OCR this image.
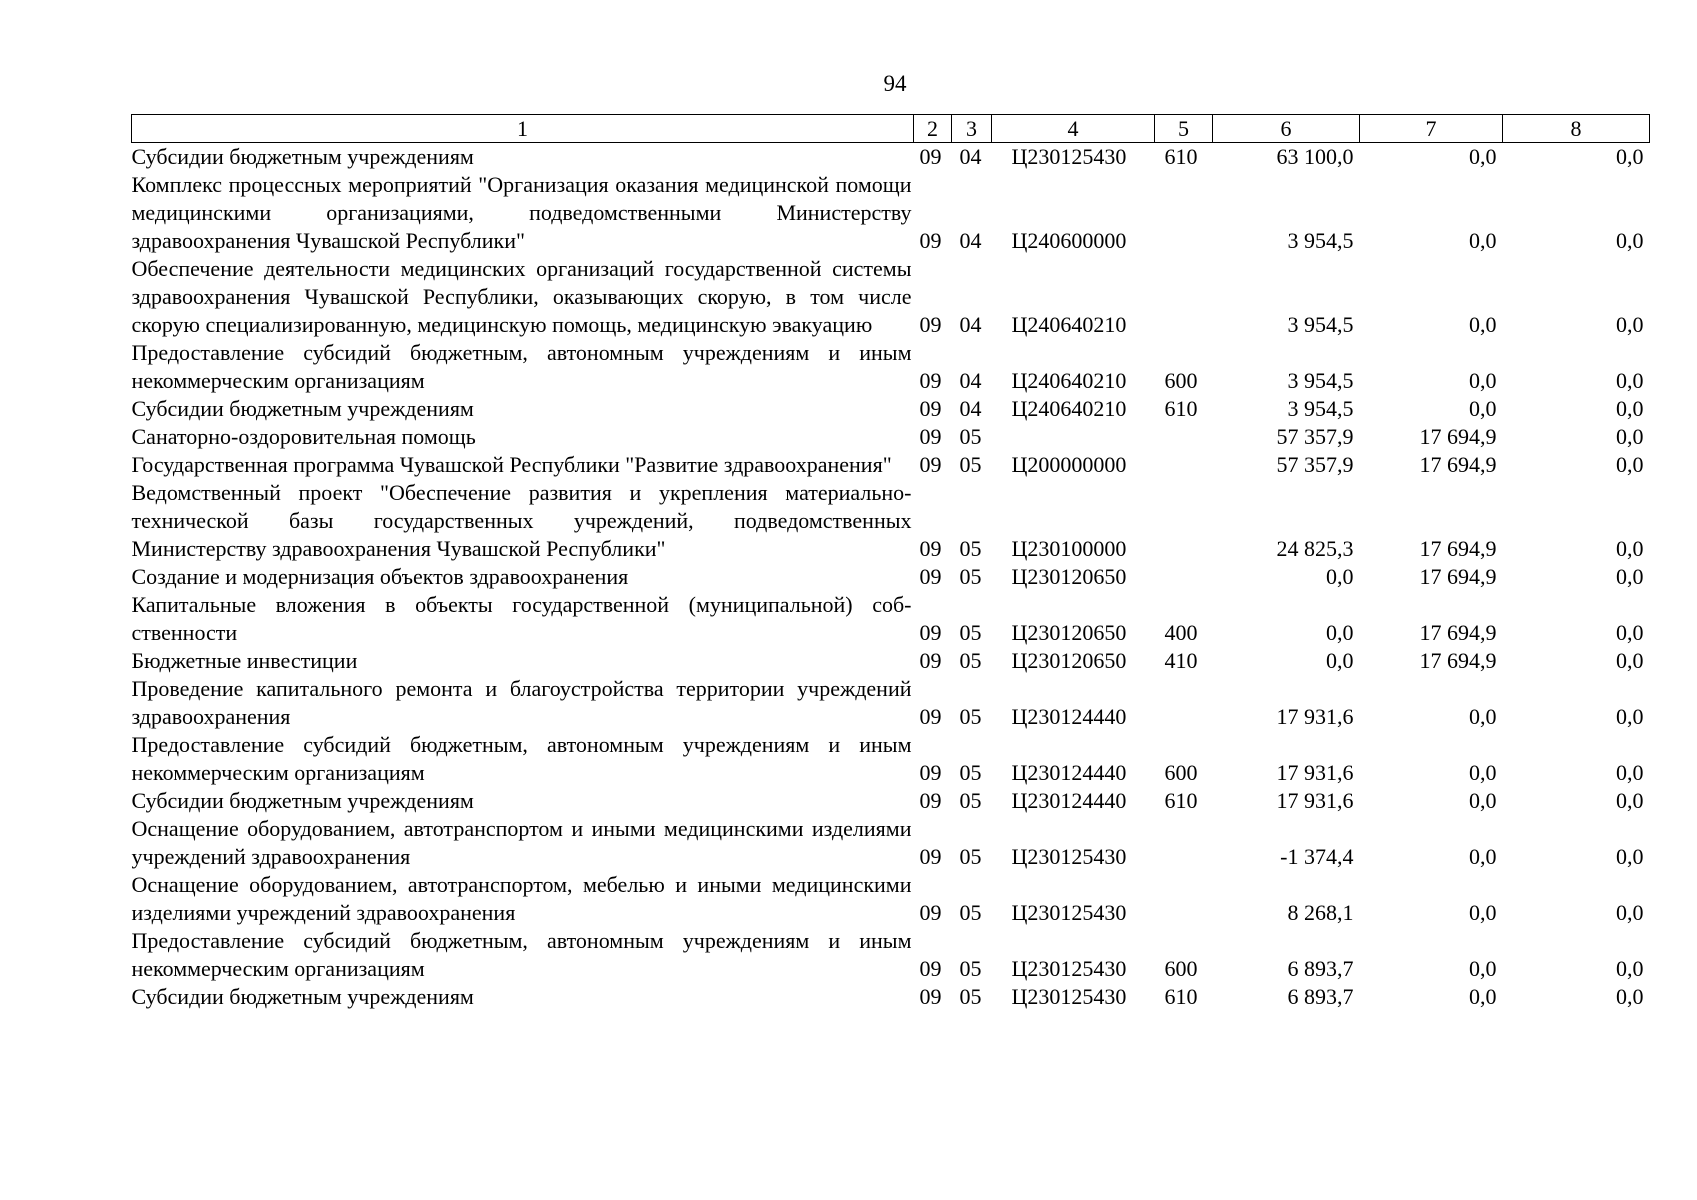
94
1	2	3	4	5	6	7	8
Субсидии бюджетным учреждениям	09	04	Ц230125430	610	63 100,0	0,0	0,0
Комплекс процессных мероприятий "Организация оказания медицинской помощи медицинскими организациями, подведомственными Министерству здравоохранения Чувашской Республики"	09	04	Ц240600000		3 954,5	0,0	0,0
Обеспечение деятельности медицинских организаций государственной системы здравоохранения Чувашской Республики, оказывающих скорую, в том числе скорую специализированную, медицинскую помощь, медицинскую эвакуацию	09	04	Ц240640210		3 954,5	0,0	0,0
Предоставление субсидий бюджетным, автономным учреждениям и иным некоммерческим организациям	09	04	Ц240640210	600	3 954,5	0,0	0,0
Субсидии бюджетным учреждениям	09	04	Ц240640210	610	3 954,5	0,0	0,0
Санаторно-оздоровительная помощь	09	05			57 357,9	17 694,9	0,0
Государственная программа Чувашской Республики "Развитие здравоохранения"	09	05	Ц200000000		57 357,9	17 694,9	0,0
Ведомственный проект "Обеспечение развития и укрепления материально-технической базы государственных учреждений, подведомственных Министерству здравоохранения Чувашской Республики"	09	05	Ц230100000		24 825,3	17 694,9	0,0
Создание и модернизация объектов здравоохранения	09	05	Ц230120650		0,0	17 694,9	0,0
Капитальные вложения в объекты государственной (муниципальной) собственности	09	05	Ц230120650	400	0,0	17 694,9	0,0
Бюджетные инвестиции	09	05	Ц230120650	410	0,0	17 694,9	0,0
Проведение капитального ремонта и благоустройства территории учреждений здравоохранения	09	05	Ц230124440		17 931,6	0,0	0,0
Предоставление субсидий бюджетным, автономным учреждениям и иным некоммерческим организациям	09	05	Ц230124440	600	17 931,6	0,0	0,0
Субсидии бюджетным учреждениям	09	05	Ц230124440	610	17 931,6	0,0	0,0
Оснащение оборудованием, автотранспортом и иными медицинскими изделиями учреждений здравоохранения	09	05	Ц230125430		-1 374,4	0,0	0,0
Оснащение оборудованием, автотранспортом, мебелью и иными медицинскими изделиями учреждений здравоохранения	09	05	Ц230125430		8 268,1	0,0	0,0
Предоставление субсидий бюджетным, автономным учреждениям и иным некоммерческим организациям	09	05	Ц230125430	600	6 893,7	0,0	0,0
Субсидии бюджетным учреждениям	09	05	Ц230125430	610	6 893,7	0,0	0,0
